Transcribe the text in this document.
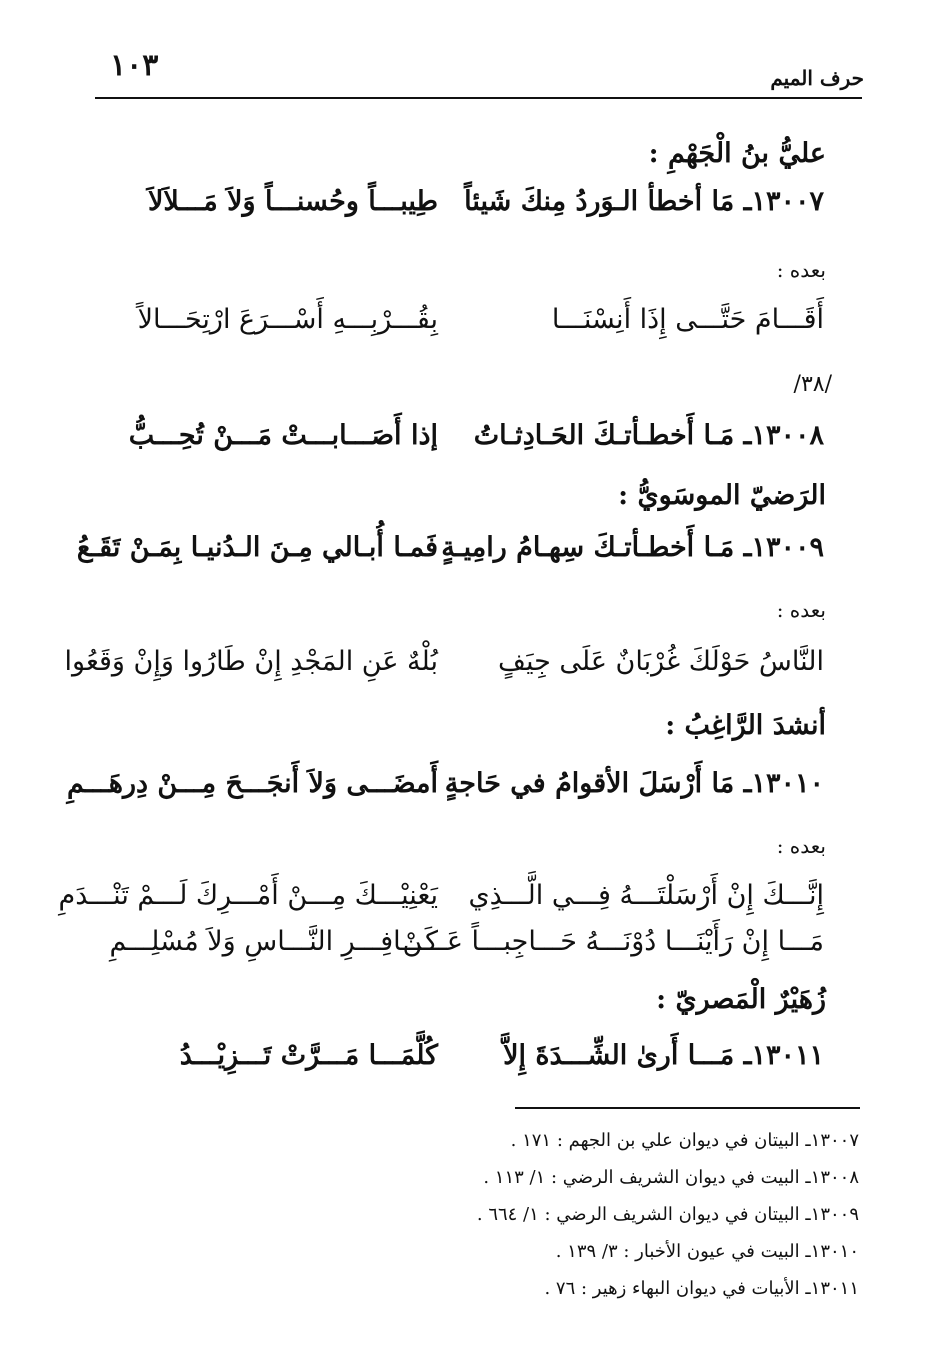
١٠٣	حرف الميم
عليُّ بنُ الْجَهْمِ :
١٣٠٠٧ـ مَا أخطأ الـوَردُ مِنكَ شَيئاً
طِيبـــاً وحُسنـــاً وَلاَ مَـــلاَلاَ
بعده :
أَقَـــامَ حَتَّـــى إِذَا أَنِسْنَـــا
بِقُـــرْبِـــهِ أَسْـــرَعَ ارْتِحَـــالاً
/٣٨/
١٣٠٠٨ـ مَـا أَخطـأتـكَ الحَـادِثـاتُ
إذا أَصَـــابـــتْ مَـــنْ تُحِـــبُّ
الرَضيّ الموسَويُّ :
١٣٠٠٩ـ مَـا أَخطـأتـكَ سِهـامُ رامِيـةٍ
فَمـا أُبـالي مِـنَ الـدُنيـا بِمَـنْ تَقَـعُ
بعده :
النَّاسُ حَوْلَكَ غُرْبَانٌ عَلَى جِيَفٍ
بُلْهٌ عَنِ المَجْدِ إِنْ طَارُوا وَإِنْ وَقَعُوا
أنشدَ الرَّاغِبُ :
١٣٠١٠ـ مَا أَرْسَلَ الأقوامُ في حَاجةٍ
أَمضَـــى وَلاَ أَنجَـــحَ مِـــنْ دِرهَـــمِ
بعده :
إِنَّـــكَ إِنْ أَرْسَلْتَـــهُ فِـــي الَّـــذِي
يَعْنِيْـــكَ مِـــنْ أَمْـــرِكَ لَـــمْ تَنْـــدَمِ
مَـــا إِنْ رَأَيْنَـــا دُوْنَـــهُ حَـــاجِبـــاً عَـــنْ
كَـــافِـــرِ النَّـــاسِ وَلاَ مُسْلِـــمِ
زُهَيْرٌ الْمَصريّ :
١٣٠١١ـ مَـــا أَرىٰ الشِّـــدَةَ إِلاَّ
كُلَّمَـــا مَـــرَّتْ تَـــزِيْـــدُ
١٣٠٠٧ـ البيتان في ديوان علي بن الجهم : ١٧١ .
١٣٠٠٨ـ البيت في ديوان الشريف الرضي : ١/ ١١٣ .
١٣٠٠٩ـ البيتان في ديوان الشريف الرضي : ١/ ٦٦٤ .
١٣٠١٠ـ البيت في عيون الأخبار : ٣/ ١٣٩ .
١٣٠١١ـ الأبيات في ديوان البهاء زهير : ٧٦ .
